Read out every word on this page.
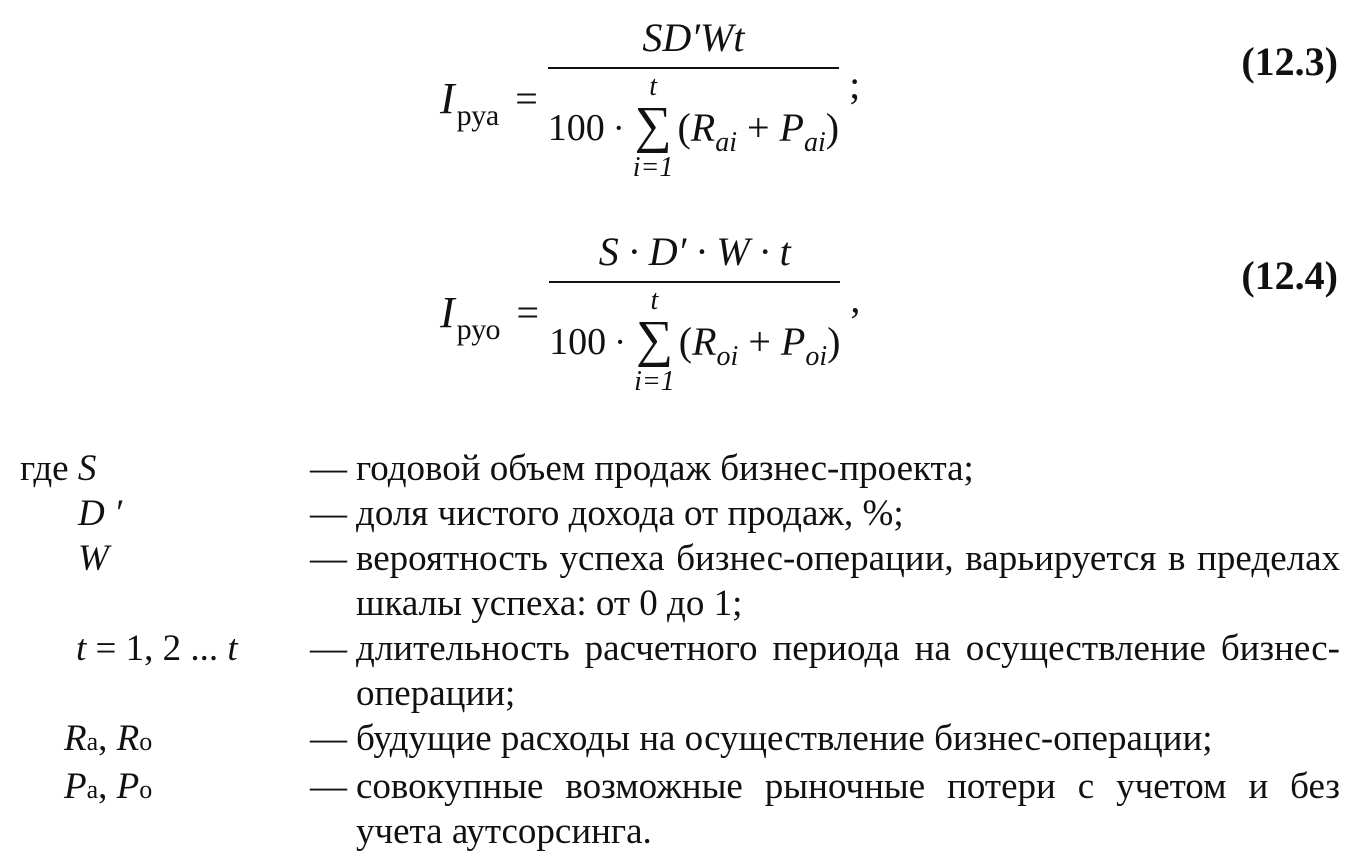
I руа =
SD′Wt
100 ·
t
∑
i=1
$(R_{ai} + P_{ai})$
;
(12.3)
I руо =
S · D′ · W · t
100 ·
t
∑
i=1
$(R_{oi} + P_{oi})$
,
(12.4)
где S	— годовой объем продаж бизнес-проекта;
D ′	— доля чистого дохода от продаж, %;
W	— вероятность успеха бизнес-операции, варьируется в пределах шкалы успеха: от 0 до 1;
t = 1, 2 ... t	— длительность расчетного периода на осуществление бизнес-операции;
Rа, Rо	— будущие расходы на осуществление бизнес-операции;
Pа, Pо	— совокупные возможные рыночные потери с учетом и без учета аутсорсинга.
